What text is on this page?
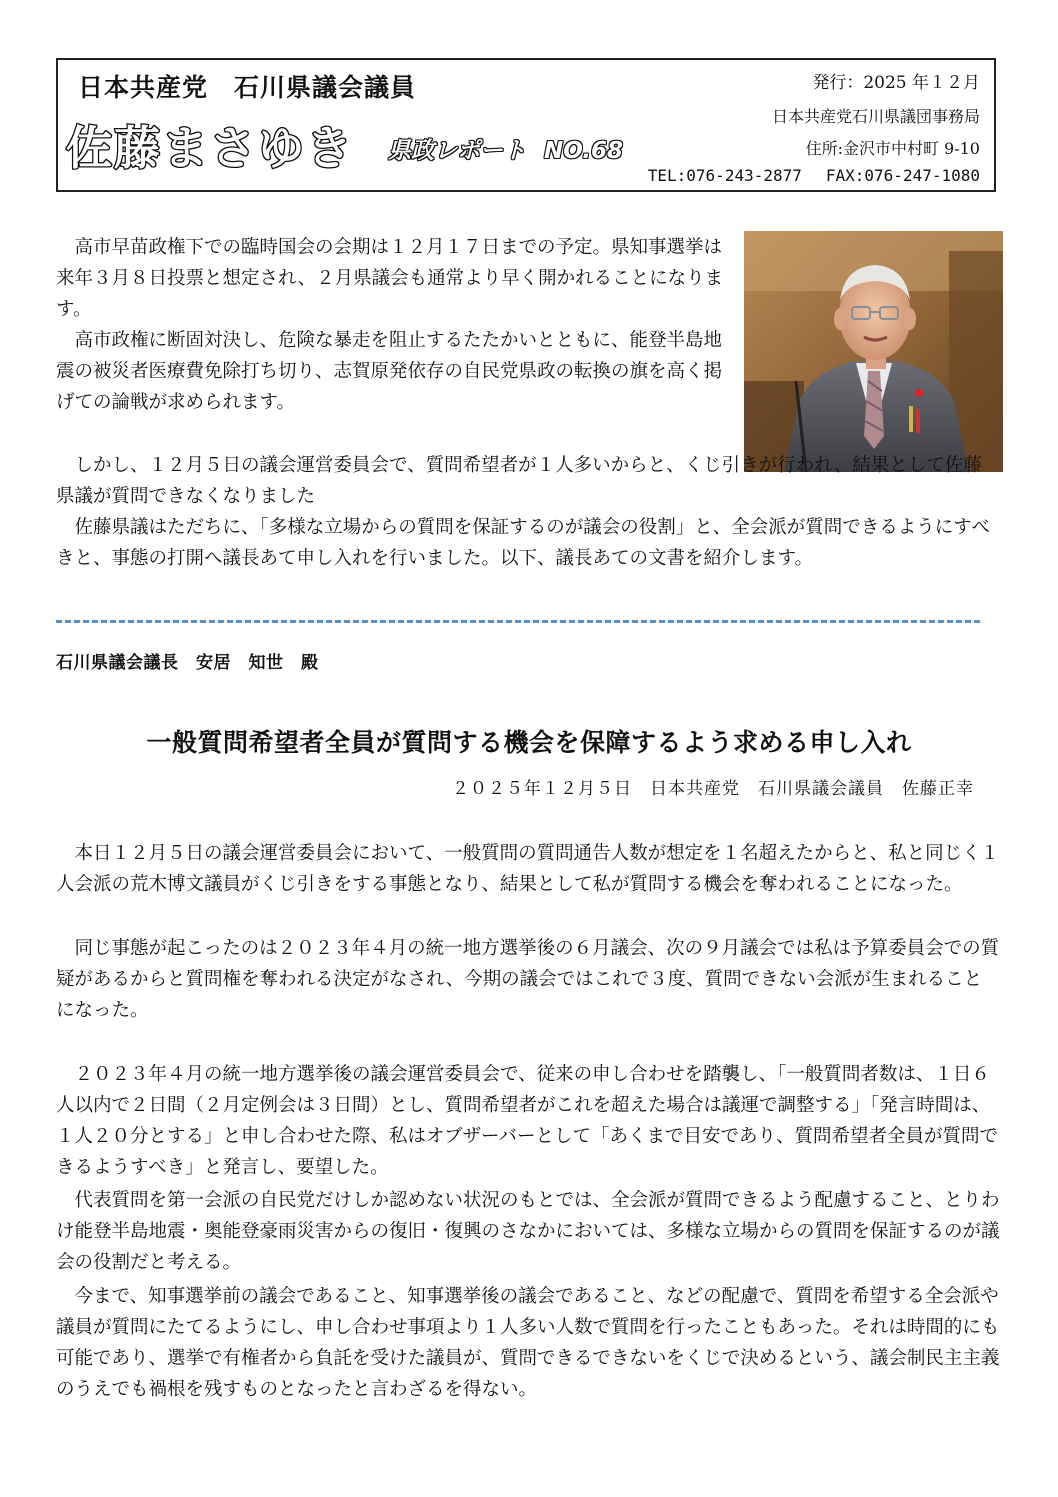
日本共産党　石川県議会議員
佐藤まさゆき 県政レポート NO.68
発行：2025 年１２月
日本共産党石川県議団事務局
住所:金沢市中村町 9-10
TEL:076-243-2877 FAX:076-247-1080

　高市早苗政権下での臨時国会の会期は１２月１７日までの予定。県知事選挙は来年３月８日投票と想定され、２月県議会も通常より早く開かれることになります。

　高市政権に断固対決し、危険な暴走を阻止するたたかいとともに、能登半島地震の被災者医療費免除打ち切り、志賀原発依存の自民党県政の転換の旗を高く掲げての論戦が求められます。

　しかし、１２月５日の議会運営委員会で、質問希望者が１人多いからと、くじ引きが行われ、結果として佐藤県議が質問できなくなりました
　佐藤県議はただちに、「多様な立場からの質問を保証するのが議会の役割」と、全会派が質問できるようにすべきと、事態の打開へ議長あて申し入れを行いました。以下、議長あての文書を紹介します。

石川県議会議長　安居　知世　殿
一般質問希望者全員が質問する機会を保障するよう求める申し入れ
２０２５年１２月５日　日本共産党　石川県議会議員　佐藤正幸

　本日１２月５日の議会運営委員会において、一般質問の質問通告人数が想定を１名超えたからと、私と同じく１人会派の荒木博文議員がくじ引きをする事態となり、結果として私が質問する機会を奪われることになった。

　同じ事態が起こったのは２０２３年４月の統一地方選挙後の６月議会、次の９月議会では私は予算委員会での質疑があるからと質問権を奪われる決定がなされ、今期の議会ではこれで３度、質問できない会派が生まれることになった。

　２０２３年４月の統一地方選挙後の議会運営委員会で、従来の申し合わせを踏襲し、「一般質問者数は、１日６人以内で２日間（２月定例会は３日間）とし、質問希望者がこれを超えた場合は議運で調整する」「発言時間は、１人２０分とする」と申し合わせた際、私はオブザーバーとして「あくまで目安であり、質問希望者全員が質問できるようすべき」と発言し、要望した。

　代表質問を第一会派の自民党だけしか認めない状況のもとでは、全会派が質問できるよう配慮すること、とりわけ能登半島地震・奥能登豪雨災害からの復旧・復興のさなかにおいては、多様な立場からの質問を保証するのが議会の役割だと考える。

　今まで、知事選挙前の議会であること、知事選挙後の議会であること、などの配慮で、質問を希望する全会派や議員が質問にたてるようにし、申し合わせ事項より１人多い人数で質問を行ったこともあった。それは時間的にも可能であり、選挙で有権者から負託を受けた議員が、質問できるできないをくじで決めるという、議会制民主主義のうえでも禍根を残すものとなったと言わざるを得ない。
